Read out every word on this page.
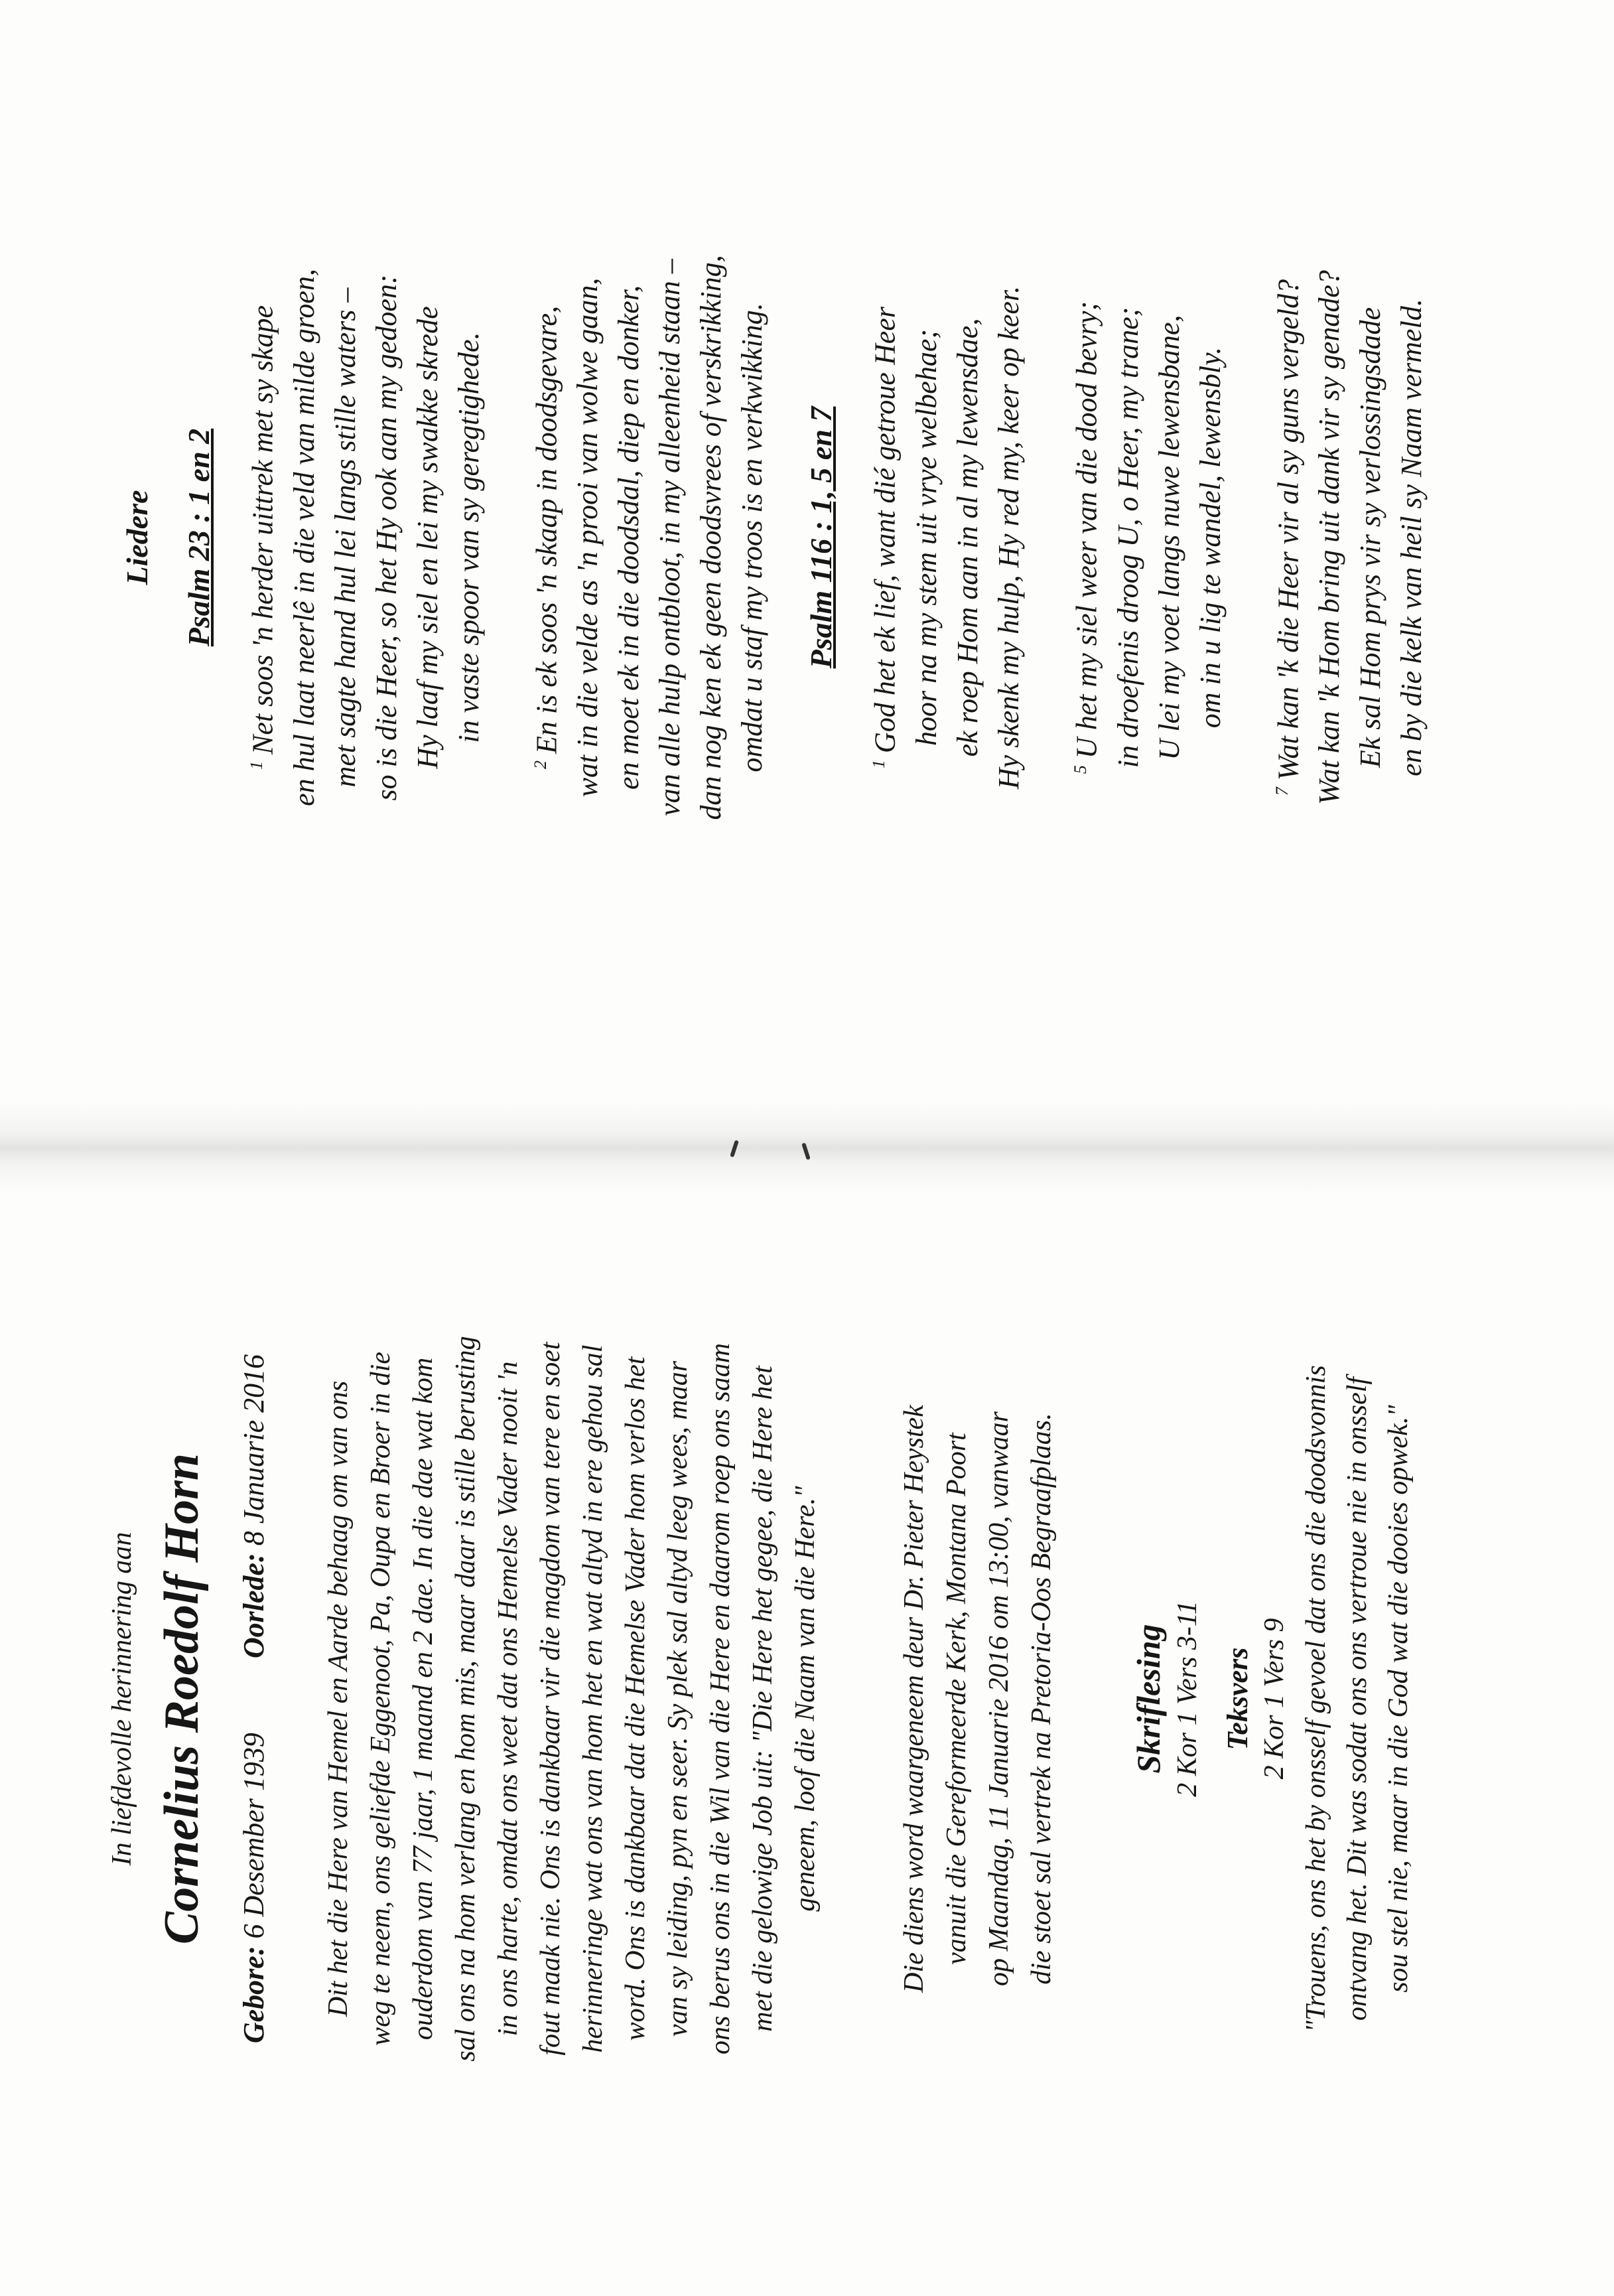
Liedere Psalm 23 : 1 en 2
$^1$Net soos 'n herder uittrek met sy skape en hul laat neerlê in die veld van milde groen, met sagte hand hul lei langs stille waters – so is die Heer, so het Hy ook aan my gedoen: Hy laaf my siel en lei my swakke skrede in vaste spoor van sy geregtighede.
$^2$En is ek soos 'n skaap in doodsgevare, wat in die velde as 'n prooi van wolwe gaan, en moet ek in die doodsdal, diep en donker, van alle hulp ontbloot, in my alleenheid staan – dan nog ken ek geen doodsvrees of verskrikking, omdat u staf my troos is en verkwikking. Psalm 116 : 1, 5 en 7
$^1$God het ek lief, want dié getroue Heer hoor na my stem uit vrye welbehae; ek roep Hom aan in al my lewensdae, Hy skenk my hulp, Hy red my, keer op keer.	$^5$U het my siel weer van die dood bevry; in droefenis droog U, o Heer, my trane; U lei my voet langs nuwe lewensbane, om in u lig te wandel, lewensbly.
$^7$Wat kan 'k die Heer vir al sy guns vergeld? Wat kan 'k Hom bring uit dank vir sy genade? Ek sal Hom prys vir sy verlossingsdade en by die kelk van heil sy Naam vermeld.
In liefdevolle herinnering aan Cornelius Roedolf Horn
Gebore: 6 Desember 1939  Oorlede: 8 Januarie 2016 Dit het die Here van Hemel en Aarde behaag om van ons weg te neem, ons geliefde Eggenoot, Pa, Oupa en Broer in die ouderdom van 77 jaar, 1 maand en 2 dae. In die dae wat kom sal ons na hom verlang en hom mis, maar daar is stille berusting in ons harte, omdat ons weet dat ons Hemelse Vader nooit 'n fout maak nie. Ons is dankbaar vir die magdom van tere en soet herinneringe wat ons van hom het en wat altyd in ere gehou sal word. Ons is dankbaar dat die Hemelse Vader hom verlos het van sy leiding, pyn en seer. Sy plek sal altyd leeg wees, maar ons berus ons in die Wil van die Here en daarom roep ons saam met die gelowige Job uit: "Die Here het gegee, die Here het geneem, loof die Naam van die Here."	Die diens word waargeneem deur Dr. Pieter Heystek vanuit die Gereformeerde Kerk, Montana Poort op Maandag, 11 Januarie 2016 om 13:00, vanwaar die stoet sal vertrek na Pretoria-Oos Begraafplaas. Skriflesing 2 Kor 1 Vers 3-11 Teksvers 2 Kor 1 Vers 9 "Trouens, ons het by onsself gevoel dat ons die doodsvonnis ontvang het. Dit was sodat ons ons vertroue nie in onsself sou stel nie, maar in die God wat die dooies opwek."
